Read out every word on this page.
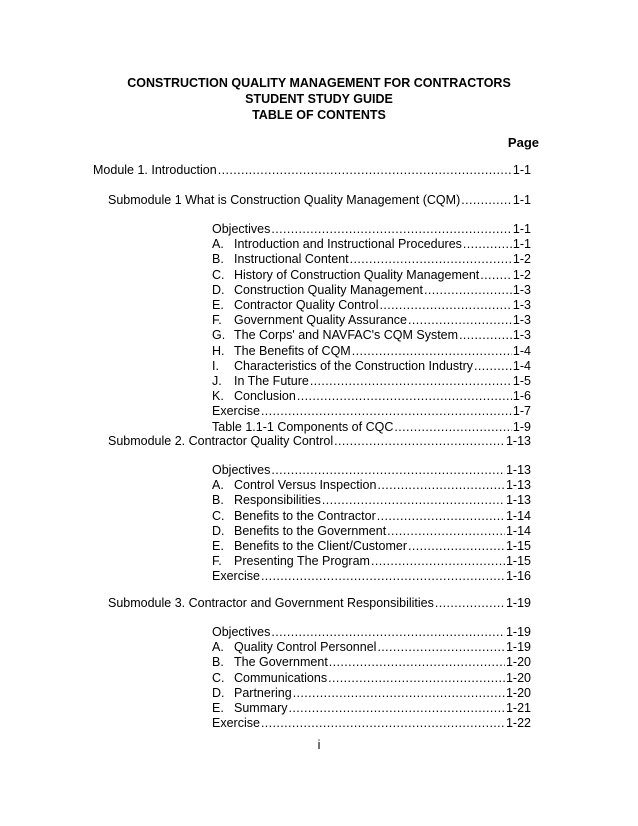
CONSTRUCTION QUALITY MANAGEMENT FOR CONTRACTORS
STUDENT STUDY GUIDE
TABLE OF CONTENTS
Page
Module 1. Introduction .....	1-1
Submodule 1 What is Construction Quality Management (CQM) .....	1-1
Objectives .....	1-1
A. Introduction and Instructional Procedures .....	1-1
B. Instructional Content .....	1-2
C. History of Construction Quality Management .....	1-2
D. Construction Quality Management .....	1-3
E. Contractor Quality Control .....	1-3
F. Government Quality Assurance .....	1-3
G. The Corps' and NAVFAC's CQM System .....	1-3
H. The Benefits of CQM .....	1-4
I. Characteristics of the Construction Industry .....	1-4
J. In The Future .....	1-5
K. Conclusion .....	1-6
Exercise .....	1-7
Table 1.1-1 Components of CQC .....	1-9
Submodule 2. Contractor Quality Control .....	1-13
Objectives .....	1-13
A. Control Versus Inspection .....	1-13
B. Responsibilities .....	1-13
C. Benefits to the Contractor .....	1-14
D. Benefits to the Government .....	1-14
E. Benefits to the Client/Customer .....	1-15
F. Presenting The Program .....	1-15
Exercise .....	1-16
Submodule 3. Contractor and Government Responsibilities .....	1-19
Objectives .....	1-19
A. Quality Control Personnel .....	1-19
B. The Government .....	1-20
C. Communications .....	1-20
D. Partnering .....	1-20
E. Summary .....	1-21
Exercise .....	1-22
i
